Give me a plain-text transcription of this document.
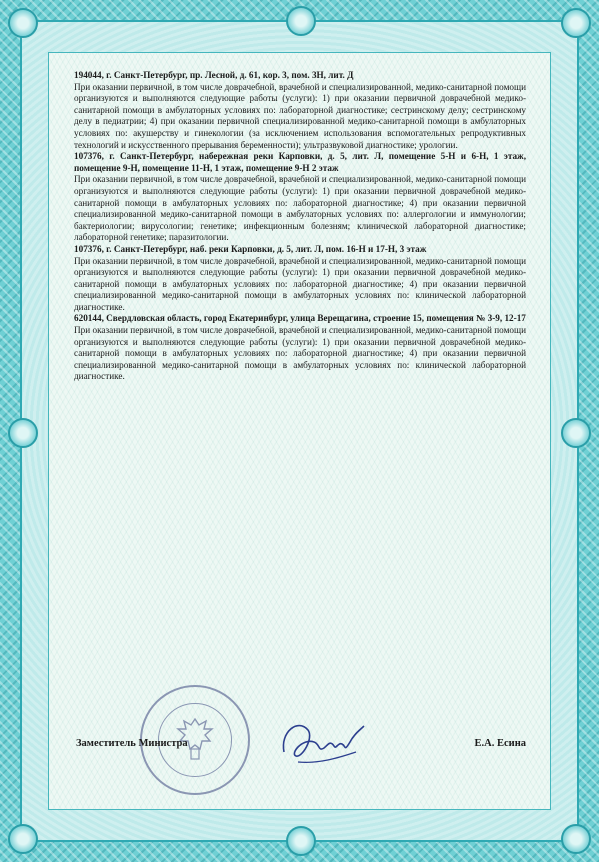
194044, г. Санкт-Петербург, пр. Лесной, д. 61, кор. 3, пом. 3Н, лит. Д

При оказании первичной, в том числе доврачебной, врачебной и специализированной, медико-санитарной помощи организуются и выполняются следующие работы (услуги): 1) при оказании первичной доврачебной медико-санитарной помощи в амбулаторных условиях по: лабораторной диагностике; сестринскому делу; сестринскому делу в педиатрии; 4) при оказании первичной специализированной медико-санитарной помощи в амбулаторных условиях по: акушерству и гинекологии (за исключением использования вспомогательных репродуктивных технологий и искусственного прерывания беременности); ультразвуковой диагностике; урологии.

107376, г. Санкт-Петербург, набережная реки Карповки, д. 5, лит. Л, помещение 5-Н и 6-Н, 1 этаж, помещение 9-Н, помещение 11-Н, 1 этаж, помещение 9-Н 2 этаж

При оказании первичной, в том числе доврачебной, врачебной и специализированной, медико-санитарной помощи организуются и выполняются следующие работы (услуги): 1) при оказании первичной доврачебной медико-санитарной помощи в амбулаторных условиях по: лабораторной диагностике; 4) при оказании первичной специализированной медико-санитарной помощи в амбулаторных условиях по: аллергологии и иммунологии; бактериологии; вирусологии; генетике; инфекционным болезням; клинической лабораторной диагностике; лабораторной генетике; паразитологии.

107376, г. Санкт-Петербург, наб. реки Карповки, д. 5, лит. Л, пом. 16-Н и 17-Н, 3 этаж

При оказании первичной, в том числе доврачебной, врачебной и специализированной, медико-санитарной помощи организуются и выполняются следующие работы (услуги): 1) при оказании первичной доврачебной медико-санитарной помощи в амбулаторных условиях по: лабораторной диагностике; 4) при оказании первичной специализированной медико-санитарной помощи в амбулаторных условиях по: клинической лабораторной диагностике.

620144, Свердловская область, город Екатеринбург, улица Верещагина, строение 15, помещения № 3-9, 12-17

При оказании первичной, в том числе доврачебной, врачебной и специализированной, медико-санитарной помощи организуются и выполняются следующие работы (услуги): 1) при оказании первичной доврачебной медико-санитарной помощи в амбулаторных условиях по: лабораторной диагностике; 4) при оказании первичной специализированной медико-санитарной помощи в амбулаторных условиях по: клинической лабораторной диагностике.

Заместитель Министра	Е.А. Есина
